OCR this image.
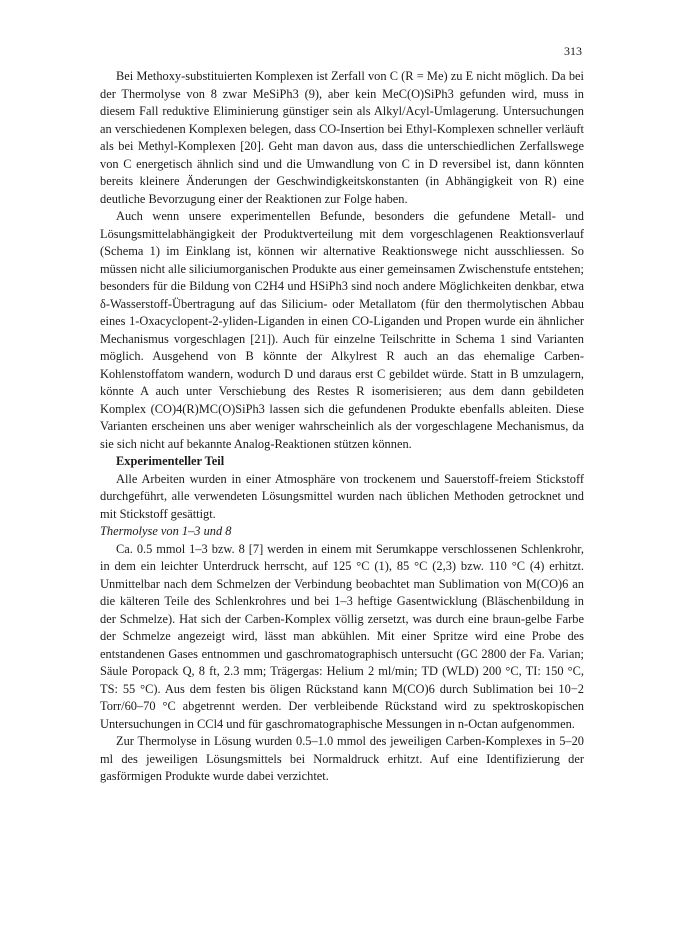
313

Bei Methoxy-substituierten Komplexen ist Zerfall von C (R = Me) zu E nicht möglich. Da bei der Thermolyse von 8 zwar MeSiPh3 (9), aber kein MeC(O)SiPh3 gefunden wird, muss in diesem Fall reduktive Eliminierung günstiger sein als Alkyl/Acyl-Umlagerung. Untersuchungen an verschiedenen Komplexen belegen, dass CO-Insertion bei Ethyl-Komplexen schneller verläuft als bei Methyl-Komplexen [20]. Geht man davon aus, dass die unterschiedlichen Zerfallswege von C energetisch ähnlich sind und die Umwandlung von C in D reversibel ist, dann könnten bereits kleinere Änderungen der Geschwindigkeitskonstanten (in Abhängigkeit von R) eine deutliche Bevorzugung einer der Reaktionen zur Folge haben.

Auch wenn unsere experimentellen Befunde, besonders die gefundene Metall- und Lösungsmittelabhängigkeit der Produktverteilung mit dem vorgeschlagenen Reaktionsverlauf (Schema 1) im Einklang ist, können wir alternative Reaktionswege nicht ausschliessen. So müssen nicht alle siliciumorganischen Produkte aus einer gemeinsamen Zwischenstufe entstehen; besonders für die Bildung von C2H4 und HSiPh3 sind noch andere Möglichkeiten denkbar, etwa δ-Wasserstoff-Übertragung auf das Silicium- oder Metallatom (für den thermolytischen Abbau eines 1-Oxacyclopent-2-yliden-Liganden in einen CO-Liganden und Propen wurde ein ähnlicher Mechanismus vorgeschlagen [21]). Auch für einzelne Teilschritte in Schema 1 sind Varianten möglich. Ausgehend von B könnte der Alkylrest R auch an das ehemalige Carben-Kohlenstoffatom wandern, wodurch D und daraus erst C gebildet würde. Statt in B umzulagern, könnte A auch unter Verschiebung des Restes R isomerisieren; aus dem dann gebildeten Komplex (CO)4(R)MC(O)SiPh3 lassen sich die gefundenen Produkte ebenfalls ableiten. Diese Varianten erscheinen uns aber weniger wahrscheinlich als der vorgeschlagene Mechanismus, da sie sich nicht auf bekannte Analog-Reaktionen stützen können.

Experimenteller Teil

Alle Arbeiten wurden in einer Atmosphäre von trockenem und Sauerstoff-freiem Stickstoff durchgeführt, alle verwendeten Lösungsmittel wurden nach üblichen Methoden getrocknet und mit Stickstoff gesättigt.

Thermolyse von 1–3 und 8

Ca. 0.5 mmol 1–3 bzw. 8 [7] werden in einem mit Serumkappe verschlossenen Schlenkrohr, in dem ein leichter Unterdruck herrscht, auf 125 °C (1), 85 °C (2,3) bzw. 110 °C (4) erhitzt. Unmittelbar nach dem Schmelzen der Verbindung beobachtet man Sublimation von M(CO)6 an die kälteren Teile des Schlenkrohres und bei 1–3 heftige Gasentwicklung (Bläschenbildung in der Schmelze). Hat sich der Carben-Komplex völlig zersetzt, was durch eine braun-gelbe Farbe der Schmelze angezeigt wird, lässt man abkühlen. Mit einer Spritze wird eine Probe des entstandenen Gases entnommen und gaschromatographisch untersucht (GC 2800 der Fa. Varian; Säule Poropack Q, 8 ft, 2.3 mm; Trägergas: Helium 2 ml/min; TD (WLD) 200 °C, TI: 150 °C, TS: 55 °C). Aus dem festen bis öligen Rückstand kann M(CO)6 durch Sublimation bei 10−2 Torr/60–70 °C abgetrennt werden. Der verbleibende Rückstand wird zu spektroskopischen Untersuchungen in CCl4 und für gaschromatographische Messungen in n-Octan aufgenommen.

Zur Thermolyse in Lösung wurden 0.5–1.0 mmol des jeweiligen Carben-Komplexes in 5–20 ml des jeweiligen Lösungsmittels bei Normaldruck erhitzt. Auf eine Identifizierung der gasförmigen Produkte wurde dabei verzichtet.
